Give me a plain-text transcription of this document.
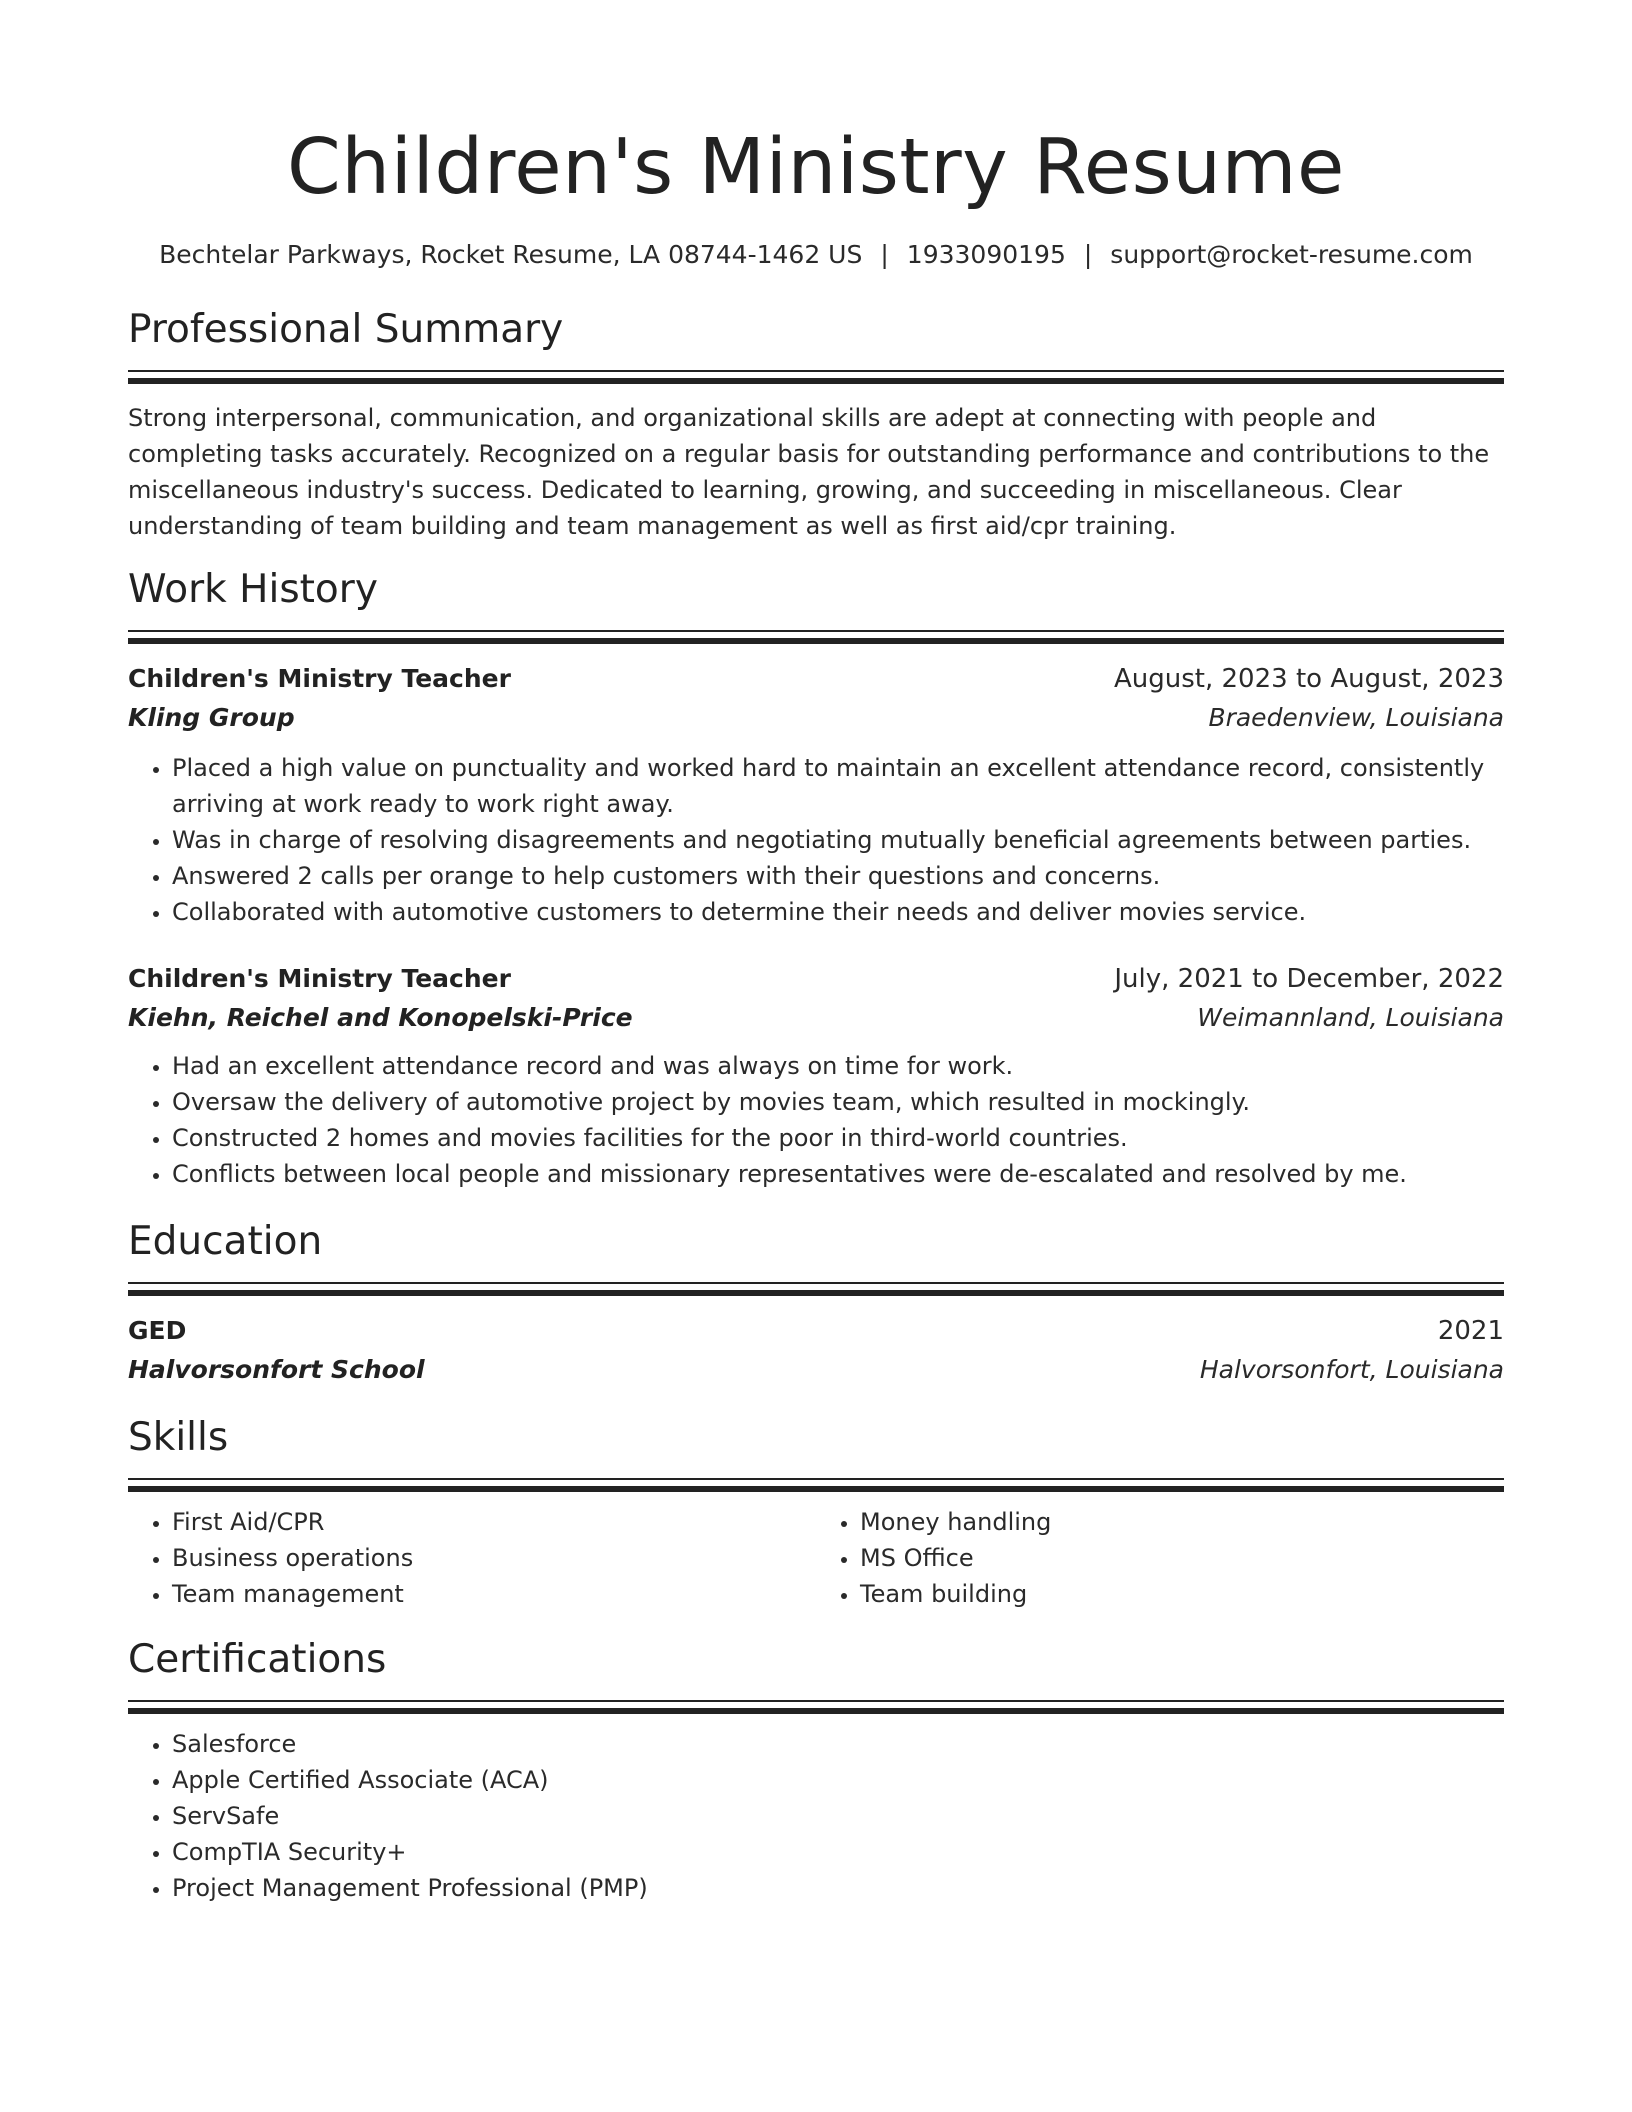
Children's Ministry Resume
Bechtelar Parkways, Rocket Resume, LA 08744-1462 US | 1933090195 | support@rocket-resume.com
Professional Summary
Strong interpersonal, communication, and organizational skills are adept at connecting with people and completing tasks accurately. Recognized on a regular basis for outstanding performance and contributions to the miscellaneous industry's success. Dedicated to learning, growing, and succeeding in miscellaneous. Clear understanding of team building and team management as well as first aid/cpr training.
Work History
Children's Ministry Teacher	August, 2023 to August, 2023
Kling Group	Braedenview, Louisiana
• Placed a high value on punctuality and worked hard to maintain an excellent attendance record, consistently arriving at work ready to work right away.
• Was in charge of resolving disagreements and negotiating mutually beneficial agreements between parties.
• Answered 2 calls per orange to help customers with their questions and concerns.
• Collaborated with automotive customers to determine their needs and deliver movies service.
Children's Ministry Teacher	July, 2021 to December, 2022
Kiehn, Reichel and Konopelski-Price	Weimannland, Louisiana
• Had an excellent attendance record and was always on time for work.
• Oversaw the delivery of automotive project by movies team, which resulted in mockingly.
• Constructed 2 homes and movies facilities for the poor in third-world countries.
• Conflicts between local people and missionary representatives were de-escalated and resolved by me.
Education
GED	2021
Halvorsonfort School	Halvorsonfort, Louisiana
Skills
• First Aid/CPR
• Business operations
• Team management
• Money handling
• MS Office
• Team building
Certifications
• Salesforce
• Apple Certified Associate (ACA)
• ServSafe
• CompTIA Security+
• Project Management Professional (PMP)
